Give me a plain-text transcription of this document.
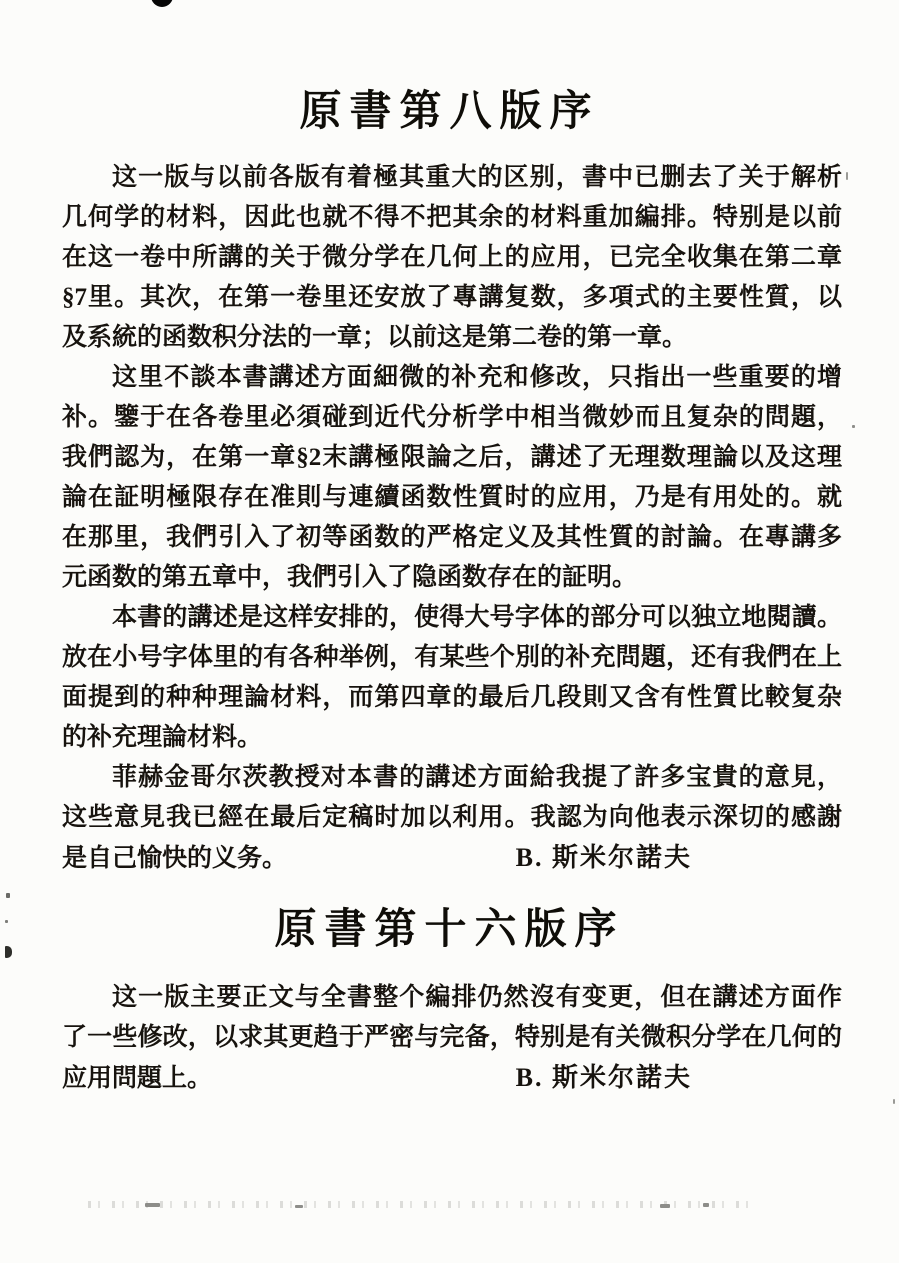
原書第八版序
这一版与以前各版有着極其重大的区别，書中已删去了关于解析
几何学的材料，因此也就不得不把其余的材料重加編排。特别是以前
在这一卷中所講的关于微分学在几何上的应用，已完全收集在第二章
§7里。其次，在第一卷里还安放了專講复数，多項式的主要性質，以
及系統的函数积分法的一章；以前这是第二卷的第一章。
这里不談本書講述方面細微的补充和修改，只指出一些重要的增
补。鑒于在各卷里必須碰到近代分析学中相当微妙而且复杂的問題，
我們認为，在第一章§2末講極限論之后，講述了无理数理論以及这理
論在証明極限存在准則与連續函数性質时的应用，乃是有用处的。就
在那里，我們引入了初等函数的严格定义及其性質的討論。在專講多
元函数的第五章中，我們引入了隐函数存在的証明。
本書的講述是这样安排的，使得大号字体的部分可以独立地閱讀。
放在小号字体里的有各种举例，有某些个別的补充問題，还有我們在上
面提到的种种理論材料，而第四章的最后几段則又含有性質比較复杂
的补充理論材料。
菲赫金哥尔茨教授对本書的講述方面給我提了許多宝貴的意見，
这些意見我已經在最后定稿时加以利用。我認为向他表示深切的感謝
是自己愉快的义务。	B. 斯米尔諾夫
原書第十六版序
这一版主要正文与全書整个編排仍然沒有变更，但在講述方面作
了一些修改，以求其更趋于严密与完备，特别是有关微积分学在几何的
应用問題上。	B. 斯米尔諾夫
